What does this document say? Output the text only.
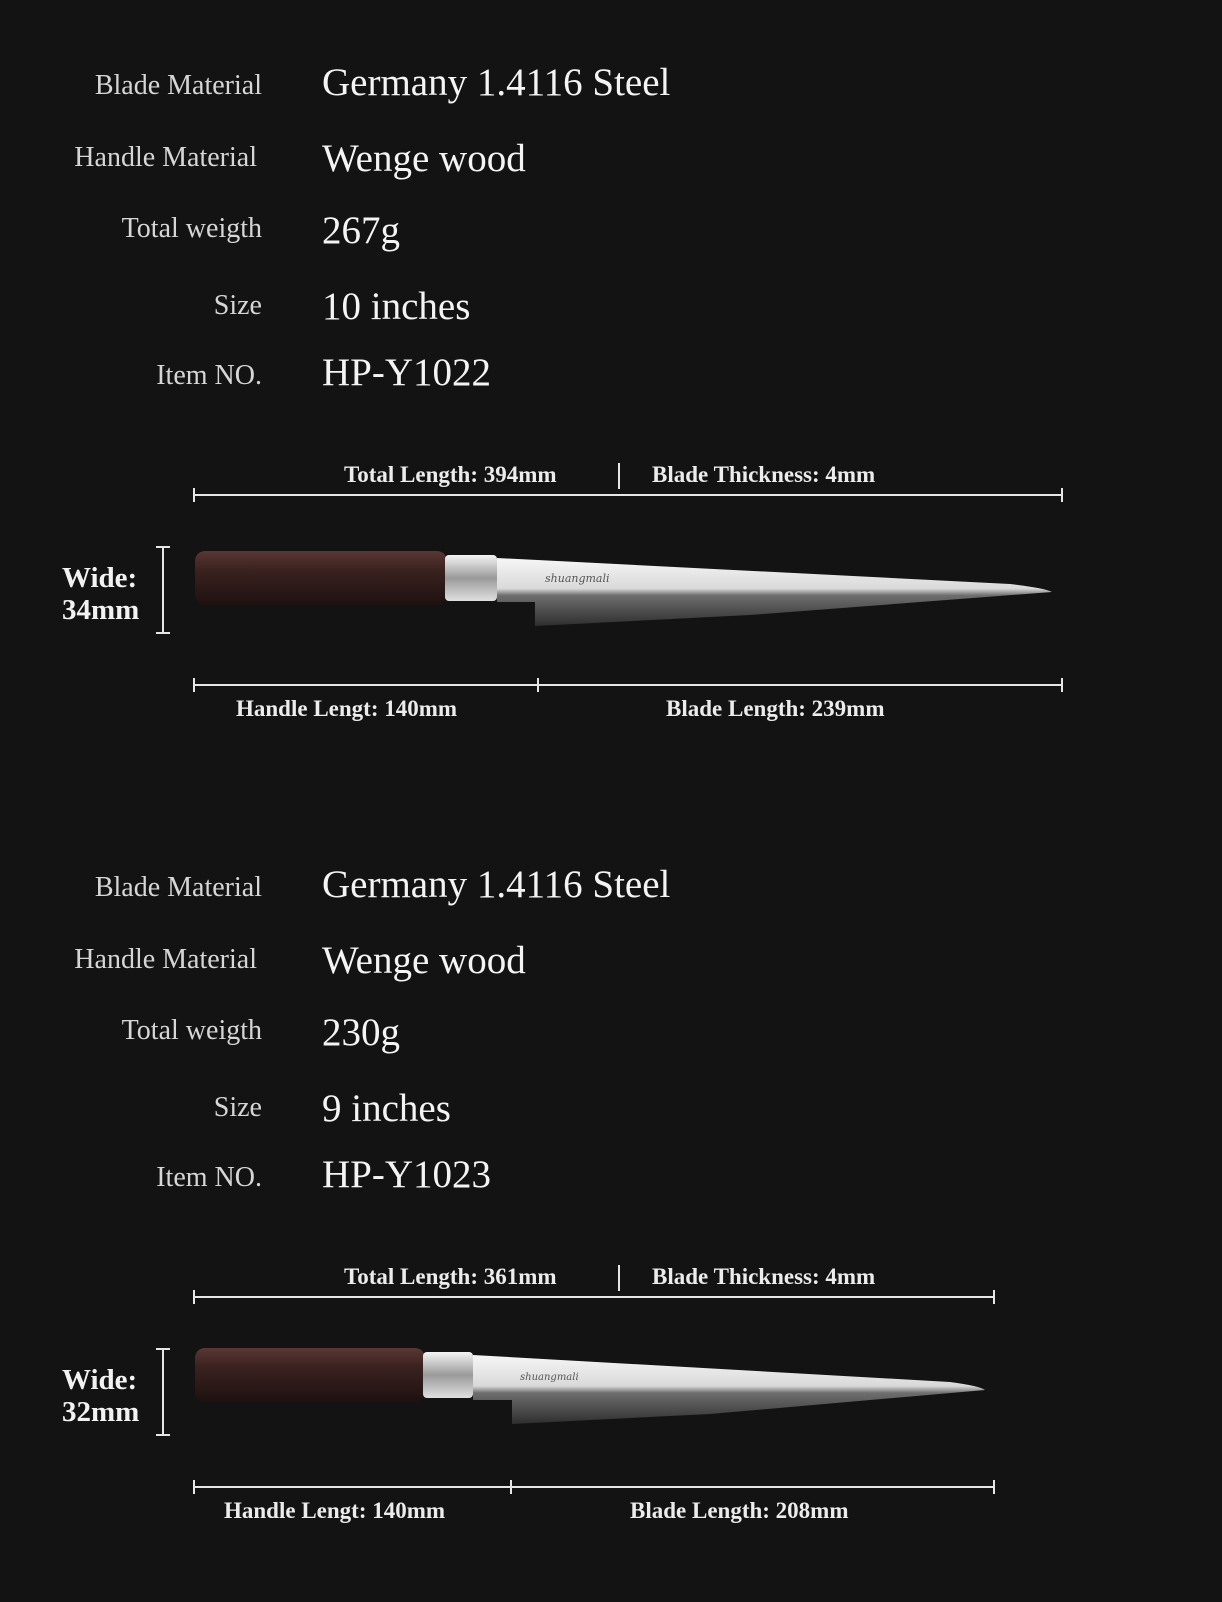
Blade Material Germany 1.4116 Steel
Handle Material Wenge wood
Total weigth 267g
Size 10 inches
Item NO. HP-Y1022
Total Length: 394mm	Blade Thickness: 4mm
Wide:
34mm
shuangmali
Handle Lengt: 140mm	Blade Length: 239mm
Blade Material Germany 1.4116 Steel
Handle Material Wenge wood
Total weigth 230g
Size 9 inches
Item NO. HP-Y1023
Total Length: 361mm	Blade Thickness: 4mm
Wide:
32mm
shuangmali
Handle Lengt: 140mm	Blade Length: 208mm
